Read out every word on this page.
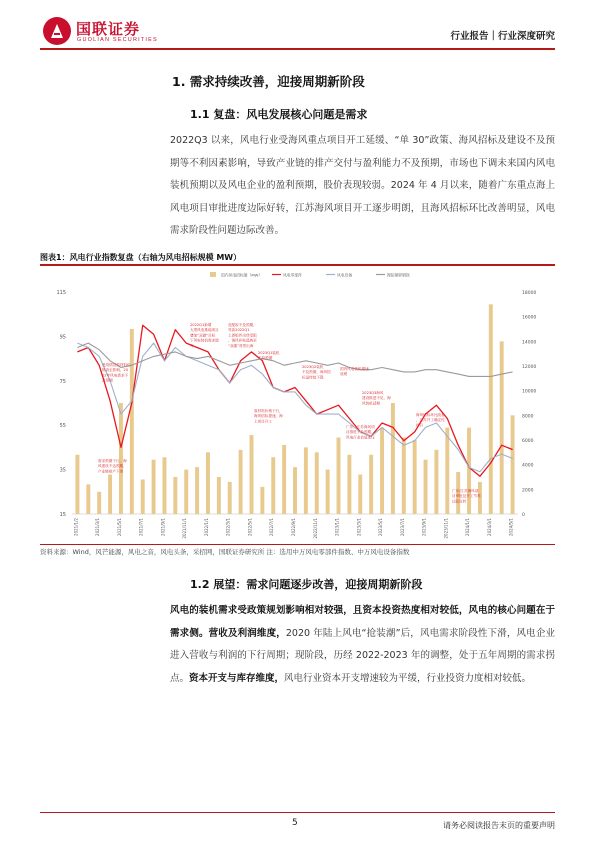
国联证券
GUOLIAN SECURITIES	行业报告｜行业深度研究
1. 需求持续改善，迎接周期新阶段
1.1 复盘：风电发展核心问题是需求
2022Q3 以来，风电行业受海风重点项目开工延缓、“单 30”政策、海风招标及建设不及预期等不利因素影响，导致产业链的排产交付与盈利能力不及预期，市场也下调未来国内风电装机预期以及风电企业的盈利预期，股价表现较弱。2024 年 4 月以来，随着广东重点海上风电项目审批进度边际好转，江苏海风项目开工逐步明朗，且海风招标环比改善明显，风电需求阶段性问题边际改善。
图表1：风电行业指数复盘（右轴为风电招标规模 MW）
国内风电招标量（MW）	风电零部件	风电设备	锂铂铜锌钢铁
15
35
55
75
95
115
0
2000
4000
6000
8000
10000
12000
14000
16000
18000
2021/1/2	2021/3/1	2021/5/1	2021/7/1	2021/9/1	2021/11/1	2022/1/1	2022/3/1	2022/5/1	2022/7/1	2022/9/1	2022/11/1	2023/1/1	2023/3/1	2023/5/1	2023/7/1	2023/9/1	2023/11/1	2024/1/1	2024/3/1	2024/5/1
2022Q1新增
大型风电基地项目
叠加“双碳”目标
下风电装机需求提
升
竞配取不及预期，
导致2022Q1
上游组件出货受阻
，海风补贴退坡至
“双碳”背景出海
2023Q1装机
不及预期
2023Q2装机
不及预期，海风招
标量持续下降
2023Q3海风
建设推进不足，海
风装机延期
广东、江苏海风项
目推进不及预期，
风电行业估值承压
海风招标环比改善
，江苏开工确定性
提升
广东/江苏海风项
目审批及开工节奏
边际好转
受疫情及原材料价
格高企影响，20
22年风电需求不
及预期
原材料价格下行，
海风招标提速，海
上项目开工
需求预期下行，海
风建设不达预期，
产业链排产下滑
国内风电装机增速
放缓
资料来源：Wind，风芒能源，风电之音，风电头条，采招网，国联证券研究所 注：选用中万风电零部件指数、中万风电设备指数
1.2 展望：需求问题逐步改善，迎接周期新阶段
风电的装机需求受政策规划影响相对较强，且资本投资热度相对较低，风电的核心问题在于需求侧。营收及利润维度，2020 年陆上风电“抢装潮”后，风电需求阶段性下滑，风电企业进入营收与利润的下行周期；现阶段，历经 2022-2023 年的调整，处于五年周期的需求拐点。资本开支与库存维度，风电行业资本开支增速较为平缓，行业投资力度相对较低。
5	请务必阅读报告末页的重要声明
